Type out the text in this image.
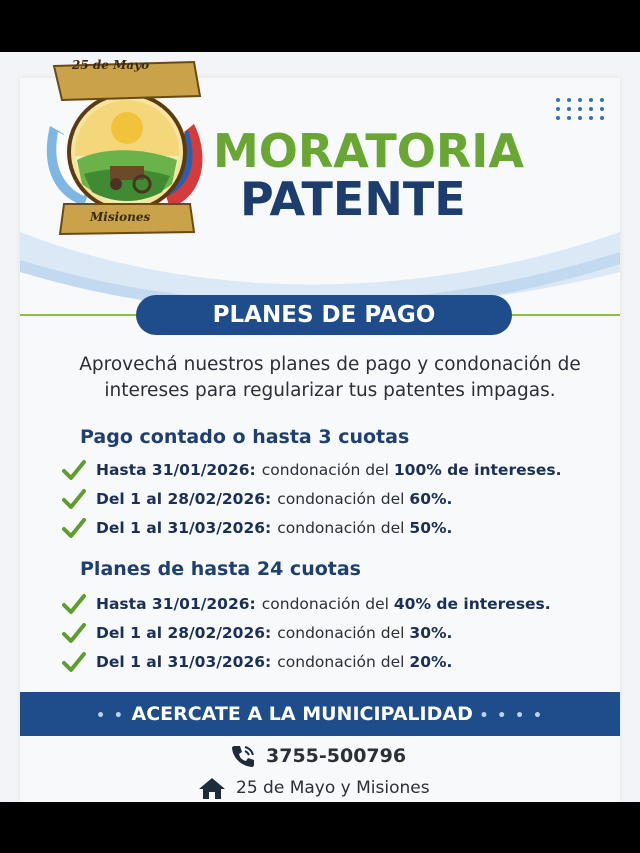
25 de Mayo
Misiones
MORATORIA
PATENTE
PLANES DE PAGO
Aprovechá nuestros planes de pago y condonación de intereses para regularizar tus patentes impagas.
Pago contado o hasta 3 cuotas
Hasta 31/01/2026: condonación del
100% de intereses.
Del 1 al 28/02/2026: condonación del
60%.
Del 1 al 31/03/2026: condonación del
50%.
Planes de hasta 24 cuotas
Hasta 31/01/2026: condonación del
40% de intereses.
Del 1 al 28/02/2026: condonación del
30%.
Del 1 al 31/03/2026: condonación del
20%.
• • ACERCATE A LA MUNICIPALIDAD • • • •
3755-500796
25 de Mayo y Misiones
